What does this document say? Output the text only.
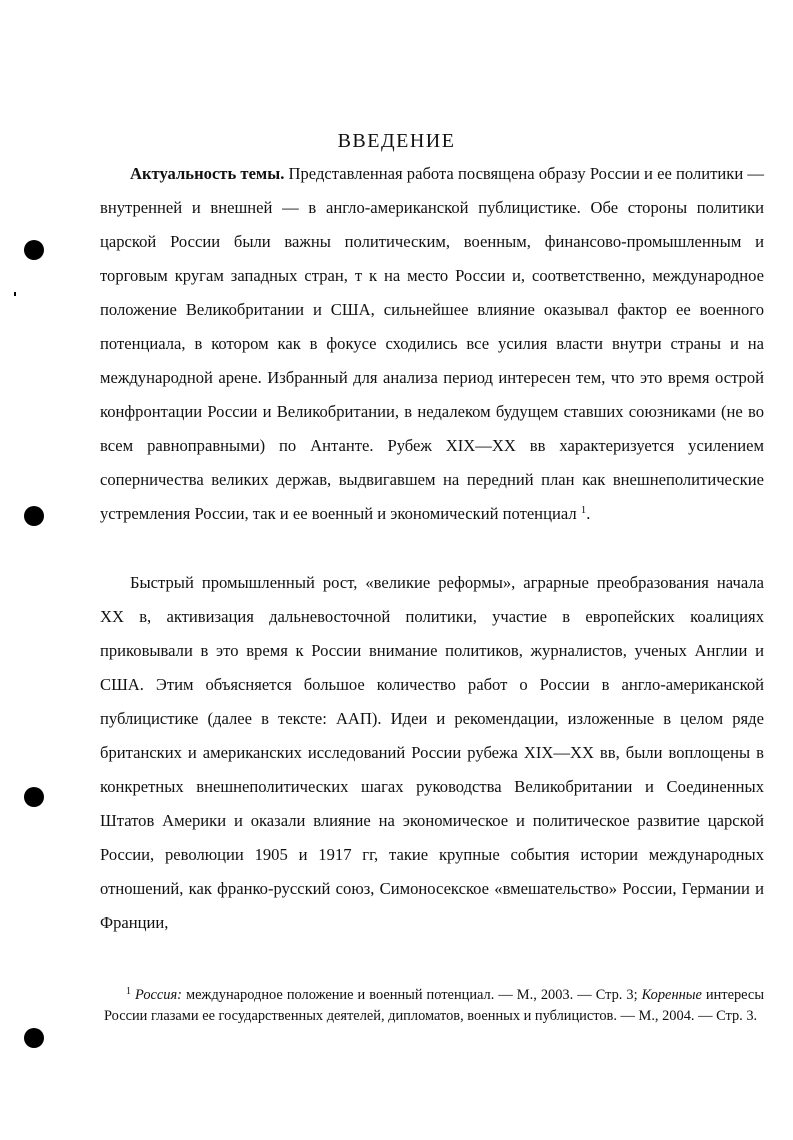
ВВЕДЕНИЕ
Актуальность темы. Представленная работа посвящена образу России и ее политики — внутренней и внешней — в англо-американской публицистике. Обе стороны политики царской России были важны политическим, военным, финансово-промышленным и торговым кругам западных стран, т к на место России и, соответственно, международное положение Великобритании и США, сильнейшее влияние оказывал фактор ее военного потенциала, в котором как в фокусе сходились все усилия власти внутри страны и на международной арене. Избранный для анализа период интересен тем, что это время острой конфронтации России и Великобритании, в недалеком будущем ставших союзниками (не во всем равноправными) по Антанте. Рубеж XIX—XX вв характеризуется усилением соперничества великих держав, выдвигавшем на передний план как внешнеполитические устремления России, так и ее военный и экономический потенциал $^1$.
Быстрый промышленный рост, «великие реформы», аграрные преобразования начала XX в, активизация дальневосточной политики, участие в европейских коалициях приковывали в это время к России внимание политиков, журналистов, ученых Англии и США. Этим объясняется большое количество работ о России в англо-американской публицистике (далее в тексте: ААП). Идеи и рекомендации, изложенные в целом ряде британских и американских исследований России рубежа XIX—XX вв, были воплощены в конкретных внешнеполитических шагах руководства Великобритании и Соединенных Штатов Америки и оказали влияние на экономическое и политическое развитие царской России, революции 1905 и 1917 гг, такие крупные события истории международных отношений, как франко-русский союз, Симоносекское «вмешательство» России, Германии и Франции,
$^1$ Россия: международное положение и военный потенциал. — М., 2003. — Стр. 3; Коренные интересы России глазами ее государственных деятелей, дипломатов, военных и публицистов. — М., 2004. — Стр. 3.
